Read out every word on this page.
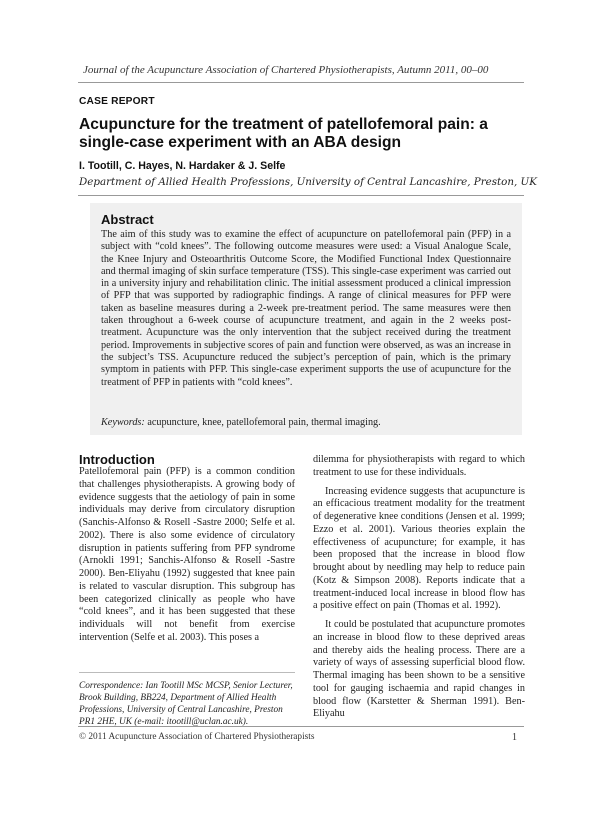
Journal of the Acupuncture Association of Chartered Physiotherapists, Autumn 2011, 00–00
CASE REPORT
Acupuncture for the treatment of patellofemoral pain: a single-case experiment with an ABA design
I. Tootill, C. Hayes, N. Hardaker & J. Selfe
Department of Allied Health Professions, University of Central Lancashire, Preston, UK
Abstract
The aim of this study was to examine the effect of acupuncture on patellofemoral pain (PFP) in a subject with “cold knees”. The following outcome measures were used: a Visual Analogue Scale, the Knee Injury and Osteoarthritis Outcome Score, the Modified Functional Index Questionnaire and thermal imaging of skin surface temperature (TSS). This single-case experiment was carried out in a university injury and rehabilitation clinic. The initial assessment produced a clinical impression of PFP that was supported by radiographic findings. A range of clinical measures for PFP were taken as baseline measures during a 2-week pre-treatment period. The same measures were then taken throughout a 6-week course of acupuncture treatment, and again in the 2 weeks post-treatment. Acupuncture was the only intervention that the subject received during the treatment period. Improvements in subjective scores of pain and function were observed, as was an increase in the subject’s TSS. Acupuncture reduced the subject’s perception of pain, which is the primary symptom in patients with PFP. This single-case experiment supports the use of acupuncture for the treatment of PFP in patients with “cold knees”.
Keywords: acupuncture, knee, patellofemoral pain, thermal imaging.
Introduction

Patellofemoral pain (PFP) is a common condition that challenges physiotherapists. A growing body of evidence suggests that the aetiology of pain in some individuals may derive from circulatory disruption (Sanchis-Alfonso & Rosell -Sastre 2000; Selfe et al. 2002). There is also some evidence of circulatory disruption in patients suffering from PFP syndrome (Arnokli 1991; Sanchis-Alfonso & Rosell -Sastre 2000). Ben-Eliyahu (1992) suggested that knee pain is related to vascular disruption. This subgroup has been categorized clinically as people who have “cold knees”, and it has been suggested that these individuals will not benefit from exercise intervention (Selfe et al. 2003). This poses a

dilemma for physiotherapists with regard to which treatment to use for these individuals.

Increasing evidence suggests that acupuncture is an efficacious treatment modality for the treatment of degenerative knee conditions (Jensen et al. 1999; Ezzo et al. 2001). Various theories explain the effectiveness of acupuncture; for example, it has been proposed that the increase in blood flow brought about by needling may help to reduce pain (Kotz & Simpson 2008). Reports indicate that a treatment-induced local increase in blood flow has a positive effect on pain (Thomas et al. 1992).

It could be postulated that acupuncture promotes an increase in blood flow to these deprived areas and thereby aids the healing process. There are a variety of ways of assessing superficial blood flow. Thermal imaging has been shown to be a sensitive tool for gauging ischaemia and rapid changes in blood flow (Karstetter & Sherman 1991). Ben-Eliyahu

Correspondence: Ian Tootill MSc MCSP, Senior Lecturer, Brook Building, BB224, Department of Allied Health Professions, University of Central Lancashire, Preston PR1 2HE, UK (e-mail: itootill@uclan.ac.uk).
© 2011 Acupuncture Association of Chartered Physiotherapists	1
